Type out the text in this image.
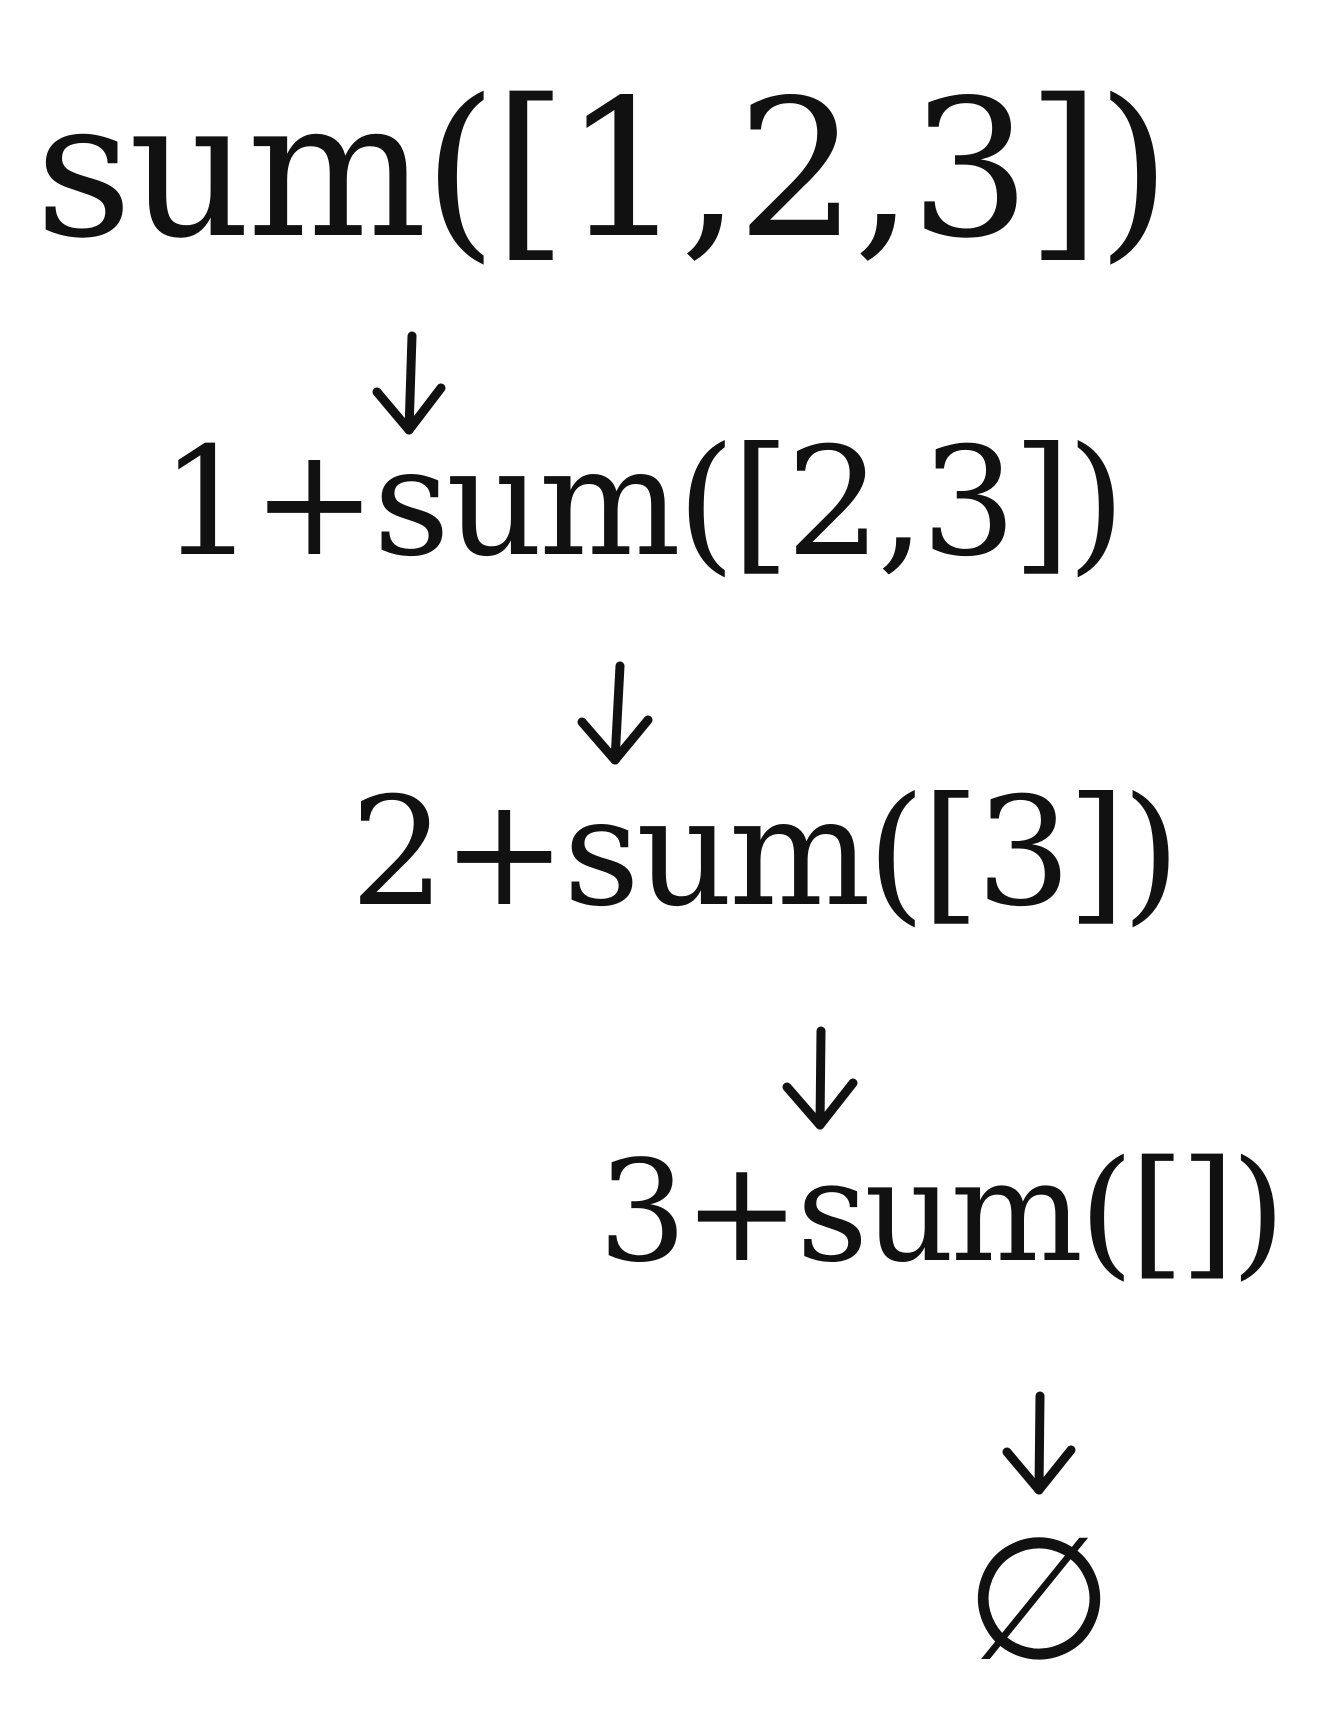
sum([1,2,3])

1+sum([2,3])

2+sum([3])

3+sum([])

∅
